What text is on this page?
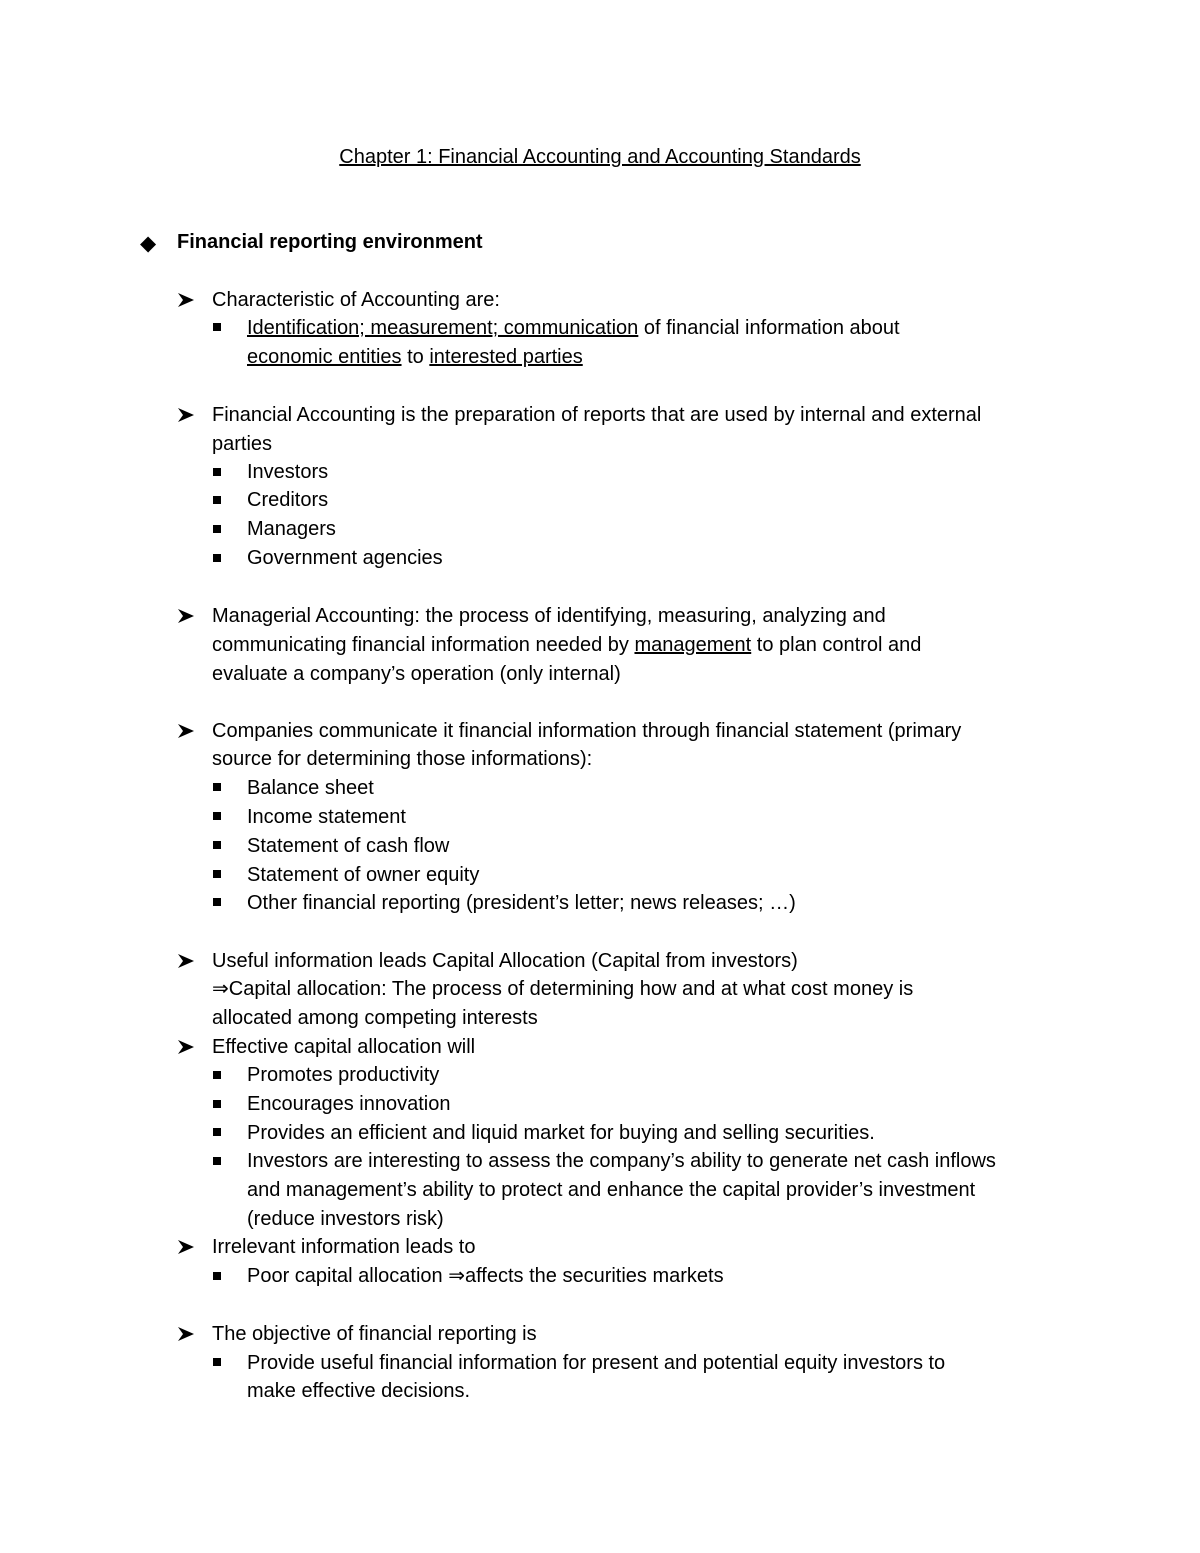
Chapter 1: Financial Accounting and Accounting Standards
◆ Financial reporting environment
Characteristic of Accounting are:
Identification; measurement; communication of financial information about
economic entities to interested parties
Financial Accounting is the preparation of reports that are used by internal and external
parties
Investors
Creditors
Managers
Government agencies
Managerial Accounting: the process of identifying, measuring, analyzing and
communicating financial information needed by management to plan control and
evaluate a company’s operation (only internal)
Companies communicate it financial information through financial statement (primary
source for determining those informations):
Balance sheet
Income statement
Statement of cash flow
Statement of owner equity
Other financial reporting (president’s letter; news releases; …)
Useful information leads Capital Allocation (Capital from investors)
⇒Capital allocation: The process of determining how and at what cost money is
allocated among competing interests
Effective capital allocation will
Promotes productivity
Encourages innovation
Provides an efficient and liquid market for buying and selling securities.
Investors are interesting to assess the company’s ability to generate net cash inflows
and management’s ability to protect and enhance the capital provider’s investment
(reduce investors risk)
Irrelevant information leads to
Poor capital allocation ⇒affects the securities markets
The objective of financial reporting is
Provide useful financial information for present and potential equity investors to
make effective decisions.
